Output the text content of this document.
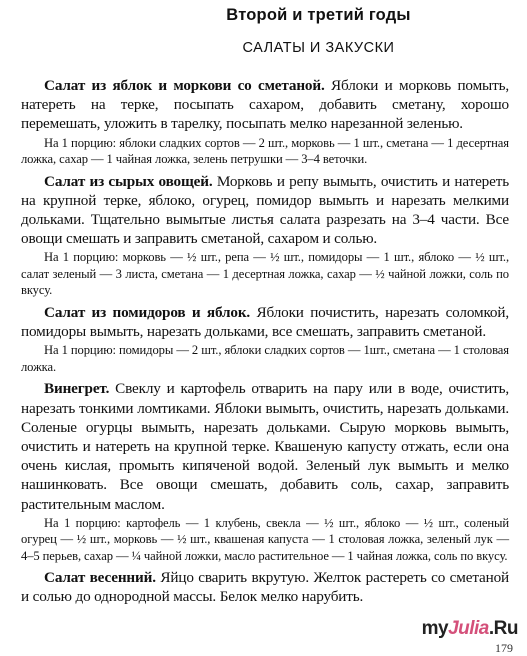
Второй и третий годы
САЛАТЫ И ЗАКУСКИ

Салат из яблок и моркови со сметаной. Яблоки и морковь помыть, натереть на терке, посыпать сахаром, добавить сметану, хорошо перемешать, уложить в тарелку, посыпать мелко нарезанной зеленью.

На 1 порцию: яблоки сладких сортов — 2 шт., морковь — 1 шт., сметана — 1 десертная ложка, сахар — 1 чайная ложка, зелень петрушки — 3–4 веточки.

Салат из сырых овощей. Морковь и репу вымыть, очистить и натереть на крупной терке, яблоко, огурец, помидор вымыть и нарезать мелкими дольками. Тщательно вымытые листья салата разрезать на 3–4 части. Все овощи смешать и заправить сметаной, сахаром и солью.

На 1 порцию: морковь — ½ шт., репа — ½ шт., помидоры — 1 шт., яблоко — ½ шт., салат зеленый — 3 листа, сметана — 1 десертная ложка, сахар — ½ чайной ложки, соль по вкусу.

Салат из помидоров и яблок. Яблоки почистить, нарезать соломкой, помидоры вымыть, нарезать дольками, все смешать, заправить сметаной.

На 1 порцию: помидоры — 2 шт., яблоки сладких сортов — 1шт., сметана — 1 столовая ложка.

Винегрет. Свеклу и картофель отварить на пару или в воде, очистить, нарезать тонкими ломтиками. Яблоки вымыть, очистить, нарезать дольками. Соленые огурцы вымыть, нарезать дольками. Сырую морковь вымыть, очистить и натереть на крупной терке. Квашеную капусту отжать, если она очень кислая, промыть кипяченой водой. Зеленый лук вымыть и мелко нашинковать. Все овощи смешать, добавить соль, сахар, заправить растительным маслом.

На 1 порцию: картофель — 1 клубень, свекла — ½ шт., яблоко — ½ шт., соленый огурец — ½ шт., морковь — ½ шт., квашеная капуста — 1 столовая ложка, зеленый лук — 4–5 перьев, сахар — ¼ чайной ложки, масло растительное — 1 чайная ложка, соль по вкусу.

Салат весенний. Яйцо сварить вкрутую. Желток растереть со сметаной и солью до однородной массы. Белок мелко нарубить.

myJulia.Ru
179
